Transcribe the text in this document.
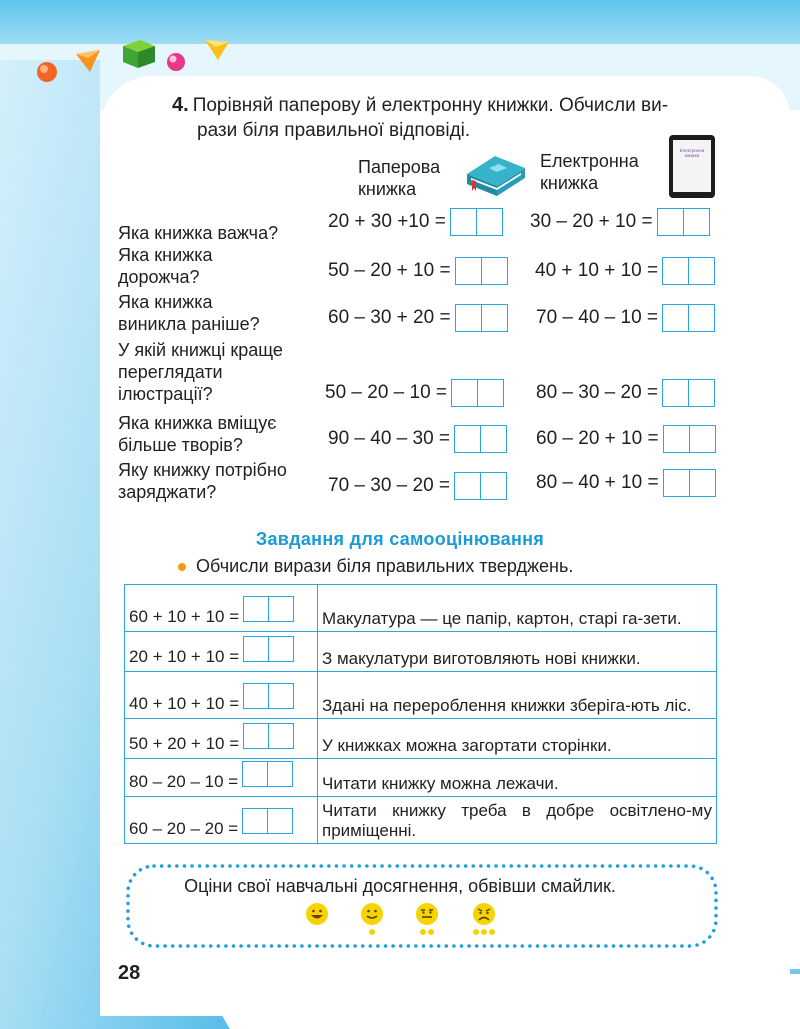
4. Порівняй паперову й електронну книжки. Обчисли ви-
рази біля правильної відповіді.
Паперова
книжка
Електронна
книжка
Електронна
книжка
Яка книжка важча?
20 + 30 +10 =	30 – 20 + 10 =
Яка книжка
дорожча?	50 – 20 + 10 =	40 + 10 + 10 =
Яка книжка
виникла раніше?	60 – 30 + 20 =	70 – 40 – 10 =
У якій книжці краще
переглядати
ілюстрації?	50 – 20 – 10 =	80 – 30 – 20 =
Яка книжка вміщує
більше творів?	90 – 40 – 30 =	60 – 20 + 10 =
Яку книжку потрібно
заряджати?	70 – 30 – 20 =	80 – 40 + 10 =
Завдання для самооцінювання
Обчисли вирази біля правильних тверджень.
60 + 10 + 10 =	Макулатура — це папір, картон, старі га-зети.
20 + 10 + 10 =	З макулатури виготовляють нові книжки.
40 + 10 + 10 =	Здані на перероблення книжки зберіга-ють ліс.
50 + 20 + 10 =	У книжках можна загортати сторінки.
80 – 20 – 10 =	Читати книжку можна лежачи.
60 – 20 – 20 =	Читати книжку треба в добре освітлено-му приміщенні.
Оціни свої навчальні досягнення, обвівши смайлик.
28
